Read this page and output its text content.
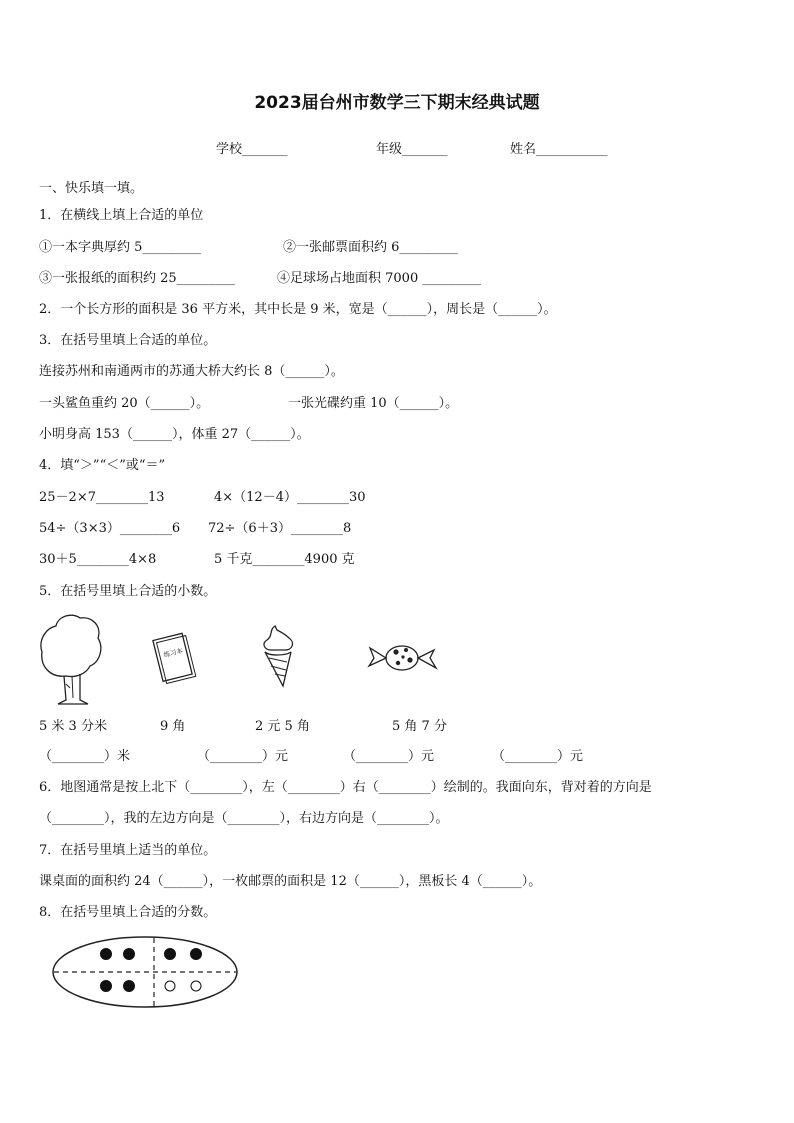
2023届台州市数学三下期末经典试题
学校_______	年级_______	姓名___________
一、快乐填一填。
1．在横线上填上合适的单位
①一本字典厚约 5_________	②一张邮票面积约 6_________
③一张报纸的面积约 25_________	④足球场占地面积 7000 _________
2．一个长方形的面积是 36 平方米，其中长是 9 米，宽是（______），周长是（______）。
3．在括号里填上合适的单位。
连接苏州和南通两市的苏通大桥大约长 8（______）。
一头鲨鱼重约 20（______）。	一张光碟约重 10（______）。
小明身高 153（______），体重 27（______）。
4．填“＞”“＜”或“＝”
25－2×7________13	4×（12－4）________30
54÷（3×3）________6 72÷（6＋3）________8
30＋5________4×8	5 千克________4900 克
5．在括号里填上合适的小数。
练习本
5 米 3 分米	9 角	2 元 5 角	5 角 7 分
（________）米	（________）元	（________）元	（________）元
6．地图通常是按上北下（________），左（________）右（________）绘制的。我面向东，背对着的方向是
（________），我的左边方向是（________），右边方向是（________）。
7．在括号里填上适当的单位。
课桌面的面积约 24（______），一枚邮票的面积是 12（______），黑板长 4（______）。
8．在括号里填上合适的分数。
